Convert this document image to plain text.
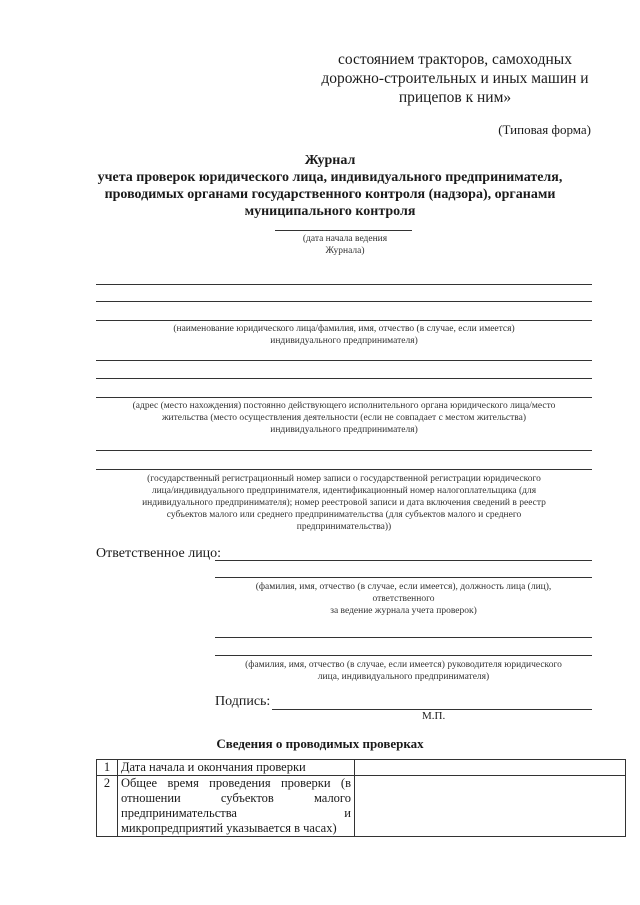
состоянием тракторов, самоходных
дорожно-строительных и иных машин и
прицепов к ним»
(Типовая форма)
Журнал
учета проверок юридического лица, индивидуального предпринимателя,
проводимых органами государственного контроля (надзора), органами
муниципального контроля
(дата начала ведения
Журнала)
(наименование юридического лица/фамилия, имя, отчество (в случае, если имеется)
индивидуального предпринимателя)
(адрес (место нахождения) постоянно действующего исполнительного органа юридического лица/место
жительства (место осуществления деятельности (если не совпадает с местом жительства)
индивидуального предпринимателя)
(государственный регистрационный номер записи о государственной регистрации юридического
лица/индивидуального предпринимателя, идентификационный номер налогоплательщика (для
индивидуального предпринимателя); номер реестровой записи и дата включения сведений в реестр
субъектов малого или среднего предпринимательства (для субъектов малого и среднего
предпринимательства))
Ответственное лицо:
(фамилия, имя, отчество (в случае, если имеется), должность лица (лиц),
ответственного
за ведение журнала учета проверок)
(фамилия, имя, отчество (в случае, если имеется) руководителя юридического
лица, индивидуального предпринимателя)
Подпись:
М.П.
Сведения о проводимых проверках
1	Дата начала и окончания проверки	
2	Общее время проведения проверки (в отношении субъектов малого предпринимательства и микропредприятий указывается в часах)	
